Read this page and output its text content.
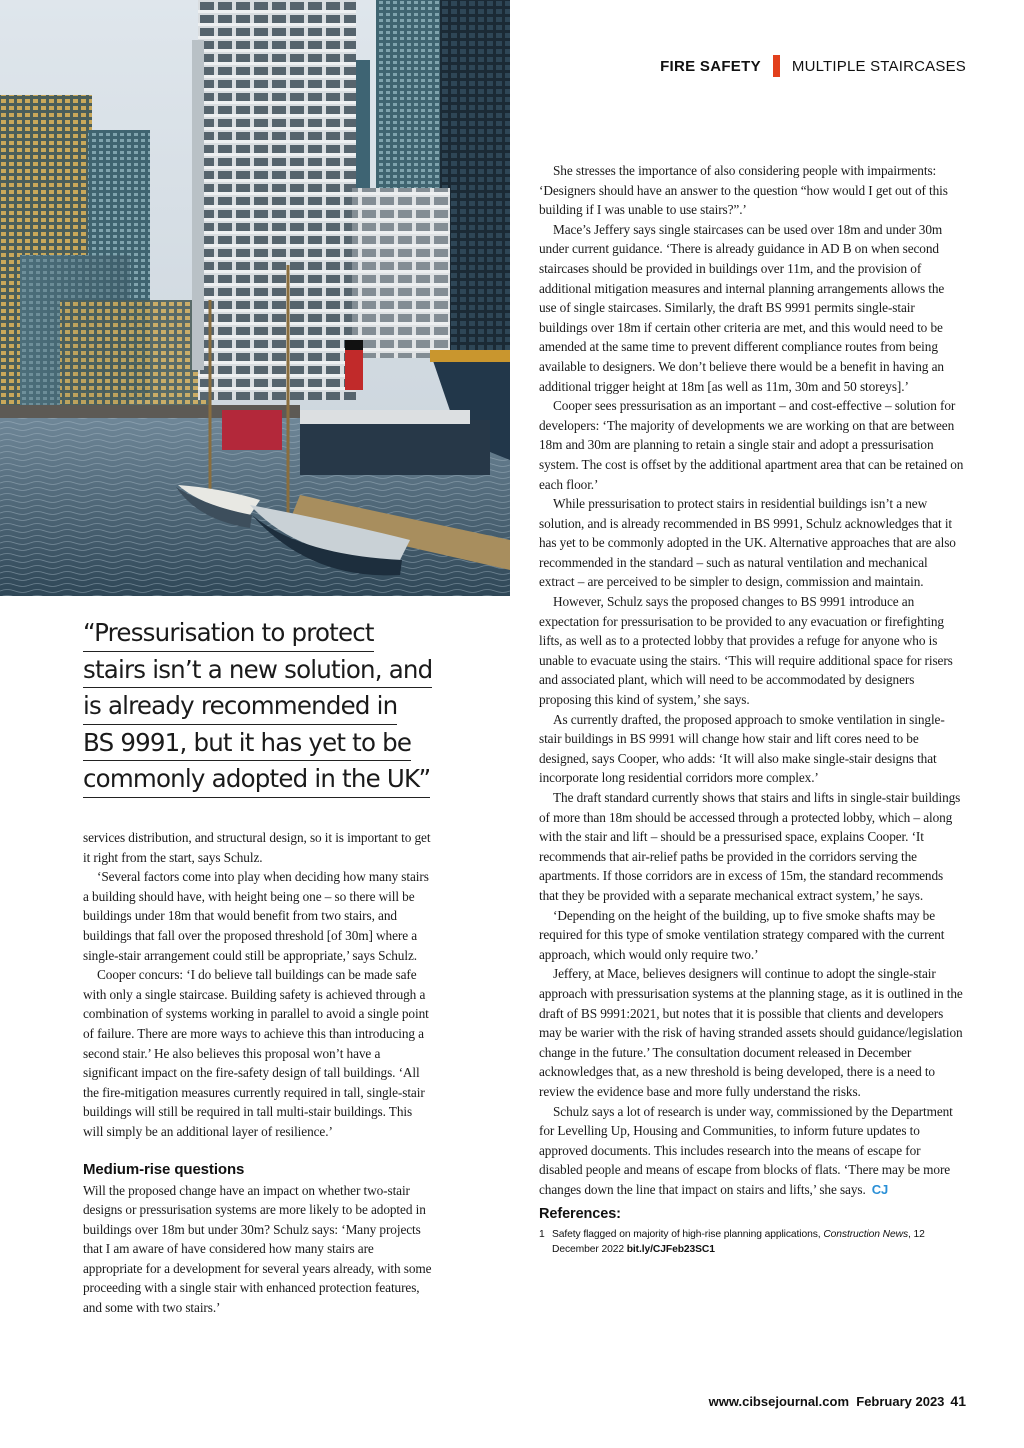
FIRE SAFETY MULTIPLE STAIRCASES
“Pressurisation to protect
stairs isn’t a new solution, and
is already recommended in
BS 9991, but it has yet to be
commonly adopted in the UK”

services distribution, and structural design, so it is important to get it right from the start, says Schulz.

‘Several factors come into play when deciding how many stairs a building should have, with height being one – so there will be buildings under 18m that would benefit from two stairs, and buildings that fall over the proposed threshold [of 30m] where a single-stair arrangement could still be appropriate,’ says Schulz.

Cooper concurs: ‘I do believe tall buildings can be made safe with only a single staircase. Building safety is achieved through a combination of systems working in parallel to avoid a single point of failure. There are more ways to achieve this than introducing a second stair.’ He also believes this proposal won’t have a significant impact on the fire-safety design of tall buildings. ‘All the fire-mitigation measures currently required in tall, single-stair buildings will still be required in tall multi-stair buildings. This will simply be an additional layer of resilience.’

Medium-rise questions

Will the proposed change have an impact on whether two-stair designs or pressurisation systems are more likely to be adopted in buildings over 18m but under 30m? Schulz says: ‘Many projects that I am aware of have considered how many stairs are appropriate for a development for several years already, with some proceeding with a single stair with enhanced protection features, and some with two stairs.’

She stresses the importance of also considering people with impairments: ‘Designers should have an answer to the question “how would I get out of this building if I was unable to use stairs?”.’

Mace’s Jeffery says single staircases can be used over 18m and under 30m under current guidance. ‘There is already guidance in AD B on when second staircases should be provided in buildings over 11m, and the provision of additional mitigation measures and internal planning arrangements allows the use of single staircases. Similarly, the draft BS 9991 permits single-stair buildings over 18m if certain other criteria are met, and this would need to be amended at the same time to prevent different compliance routes from being available to designers. We don’t believe there would be a benefit in having an additional trigger height at 18m [as well as 11m, 30m and 50 storeys].’

Cooper sees pressurisation as an important – and cost-effective – solution for developers: ‘The majority of developments we are working on that are between 18m and 30m are planning to retain a single stair and adopt a pressurisation system. The cost is offset by the additional apartment area that can be retained on each floor.’

While pressurisation to protect stairs in residential buildings isn’t a new solution, and is already recommended in BS 9991, Schulz acknowledges that it has yet to be commonly adopted in the UK. Alternative approaches that are also recommended in the standard – such as natural ventilation and mechanical extract – are perceived to be simpler to design, commission and maintain.

However, Schulz says the proposed changes to BS 9991 introduce an expectation for pressurisation to be provided to any evacuation or firefighting lifts, as well as to a protected lobby that provides a refuge for anyone who is unable to evacuate using the stairs. ‘This will require additional space for risers and associated plant, which will need to be accommodated by designers proposing this kind of system,’ she says.

As currently drafted, the proposed approach to smoke ventilation in single-stair buildings in BS 9991 will change how stair and lift cores need to be designed, says Cooper, who adds: ‘It will also make single-stair designs that incorporate long residential corridors more complex.’

The draft standard currently shows that stairs and lifts in single-stair buildings of more than 18m should be accessed through a protected lobby, which – along with the stair and lift – should be a pressurised space, explains Cooper. ‘It recommends that air-relief paths be provided in the corridors serving the apartments. If those corridors are in excess of 15m, the standard recommends that they be provided with a separate mechanical extract system,’ he says.

‘Depending on the height of the building, up to five smoke shafts may be required for this type of smoke ventilation strategy compared with the current approach, which would only require two.’

Jeffery, at Mace, believes designers will continue to adopt the single-stair approach with pressurisation systems at the planning stage, as it is outlined in the draft of BS 9991:2021, but notes that it is possible that clients and developers may be warier with the risk of having stranded assets should guidance/legislation change in the future.’ The consultation document released in December acknowledges that, as a new threshold is being developed, there is a need to review the evidence base and more fully understand the risks.

Schulz says a lot of research is under way, commissioned by the Department for Levelling Up, Housing and Communities, to inform future updates to approved documents. This includes research into the means of escape for disabled people and means of escape from blocks of flats. ‘There may be more changes down the line that impact on stairs and lifts,’ she says. CJ

References:
1 Safety flagged on majority of high-rise planning applications, Construction News, 12 December 2022 bit.ly/CJFeb23SC1
www.cibsejournal.com February 2023 41
